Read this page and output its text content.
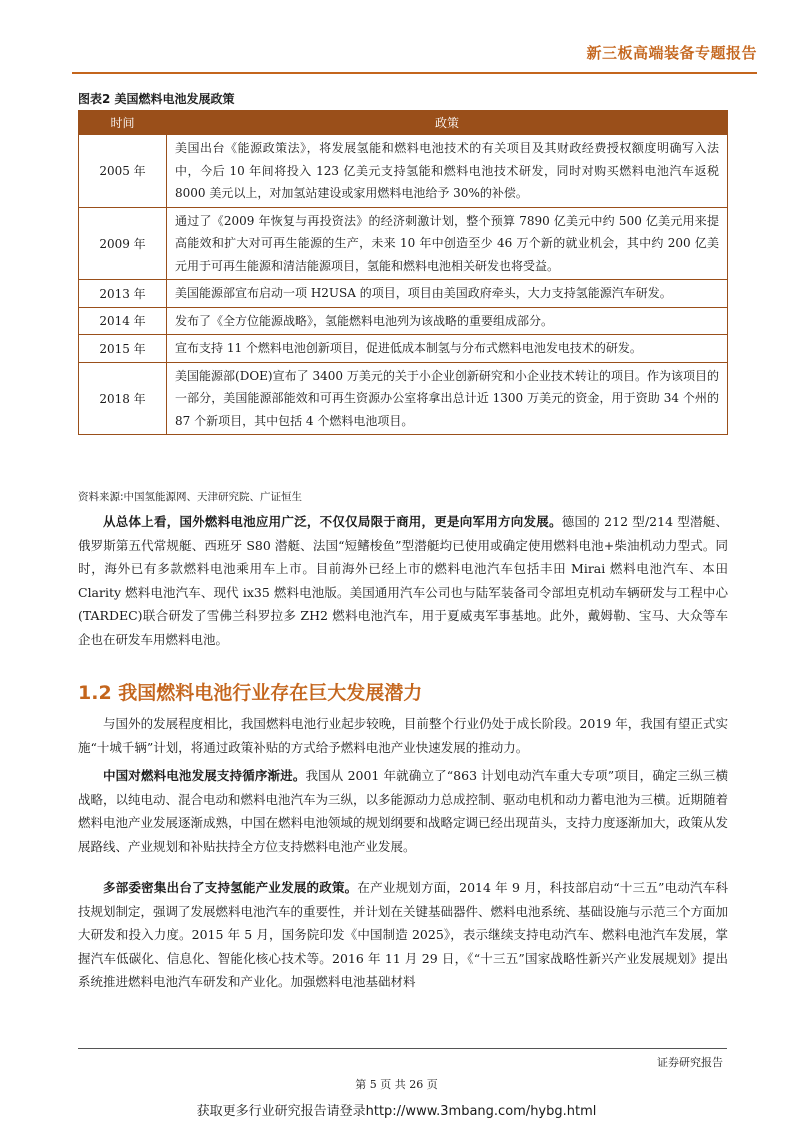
新三板高端装备专题报告
图表2 美国燃料电池发展政策
时间	政策
2005 年	美国出台《能源政策法》，将发展氢能和燃料电池技术的有关项目及其财政经费授权额度明确写入法中，今后 10 年间将投入 123 亿美元支持氢能和燃料电池技术研发，同时对购买燃料电池汽车返税 8000 美元以上，对加氢站建设或家用燃料电池给予 30%的补偿。
2009 年	通过了《2009 年恢复与再投资法》的经济刺激计划，整个预算 7890 亿美元中约 500 亿美元用来提高能效和扩大对可再生能源的生产，未来 10 年中创造至少 46 万个新的就业机会，其中约 200 亿美元用于可再生能源和清洁能源项目，氢能和燃料电池相关研发也将受益。
2013 年	美国能源部宣布启动一项 H2USA 的项目，项目由美国政府牵头，大力支持氢能源汽车研发。
2014 年	发布了《全方位能源战略》，氢能燃料电池列为该战略的重要组成部分。
2015 年	宣布支持 11 个燃料电池创新项目，促进低成本制氢与分布式燃料电池发电技术的研发。
2018 年	美国能源部(DOE)宣布了 3400 万美元的关于小企业创新研究和小企业技术转让的项目。作为该项目的一部分，美国能源部能效和可再生资源办公室将拿出总计近 1300 万美元的资金，用于资助 34 个州的 87 个新项目，其中包括 4 个燃料电池项目。
资料来源:中国氢能源网、天津研究院、广证恒生
从总体上看，国外燃料电池应用广泛，不仅仅局限于商用，更是向军用方向发展。德国的 212 型/214 型潜艇、俄罗斯第五代常规艇、西班牙 S80 潜艇、法国“短鳍梭鱼”型潜艇均已使用或确定使用燃料电池+柴油机动力型式。同时，海外已有多款燃料电池乘用车上市。目前海外已经上市的燃料电池汽车包括丰田 Mirai 燃料电池汽车、本田 Clarity 燃料电池汽车、现代 ix35 燃料电池版。美国通用汽车公司也与陆军装备司令部坦克机动车辆研发与工程中心(TARDEC)联合研发了雪佛兰科罗拉多 ZH2 燃料电池汽车，用于夏威夷军事基地。此外，戴姆勒、宝马、大众等车企也在研发车用燃料电池。
1.2 我国燃料电池行业存在巨大发展潜力
与国外的发展程度相比，我国燃料电池行业起步较晚，目前整个行业仍处于成长阶段。2019 年，我国有望正式实施“十城千辆”计划，将通过政策补贴的方式给予燃料电池产业快速发展的推动力。
中国对燃料电池发展支持循序渐进。我国从 2001 年就确立了“863 计划电动汽车重大专项”项目，确定三纵三横战略，以纯电动、混合电动和燃料电池汽车为三纵，以多能源动力总成控制、驱动电机和动力蓄电池为三横。近期随着燃料电池产业发展逐渐成熟，中国在燃料电池领域的规划纲要和战略定调已经出现苗头，支持力度逐渐加大，政策从发展路线、产业规划和补贴扶持全方位支持燃料电池产业发展。
多部委密集出台了支持氢能产业发展的政策。在产业规划方面，2014 年 9 月，科技部启动“十三五”电动汽车科技规划制定，强调了发展燃料电池汽车的重要性，并计划在关键基础器件、燃料电池系统、基础设施与示范三个方面加大研发和投入力度。2015 年 5 月，国务院印发《中国制造 2025》，表示继续支持电动汽车、燃料电池汽车发展，掌握汽车低碳化、信息化、智能化核心技术等。2016 年 11 月 29 日，《“十三五”国家战略性新兴产业发展规划》提出系统推进燃料电池汽车研发和产业化。加强燃料电池基础材料
证券研究报告
第 5 页 共 26 页
获取更多行业研究报告请登录http://www.3mbang.com/hybg.html
